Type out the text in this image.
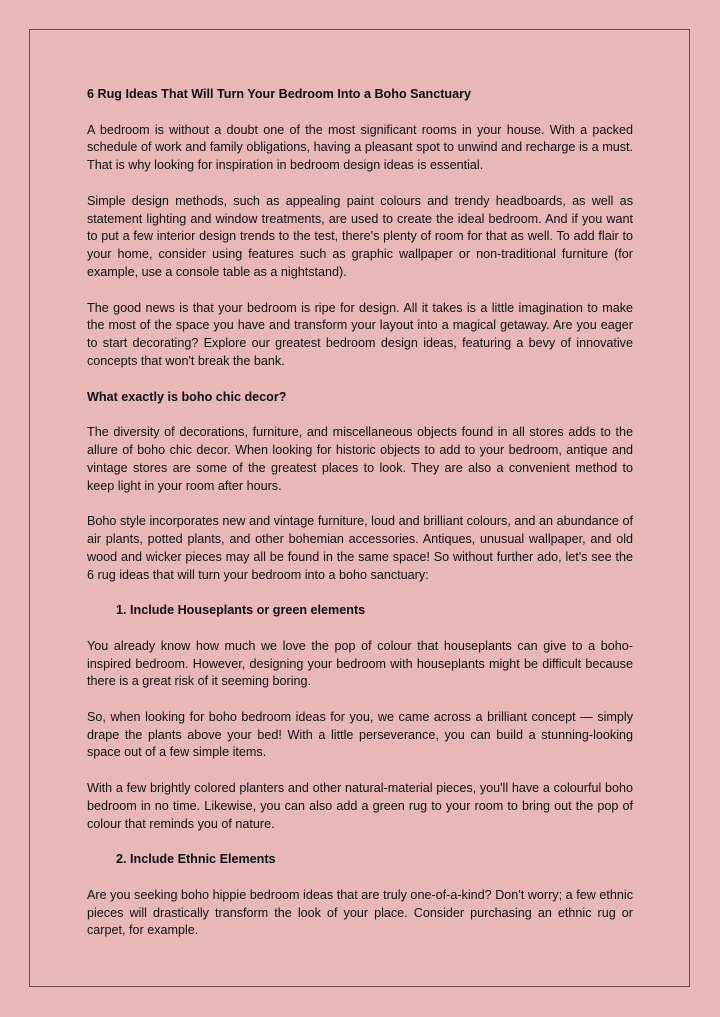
6 Rug Ideas That Will Turn Your Bedroom Into a Boho Sanctuary

A bedroom is without a doubt one of the most significant rooms in your house. With a packed schedule of work and family obligations, having a pleasant spot to unwind and recharge is a must. That is why looking for inspiration in bedroom design ideas is essential.

Simple design methods, such as appealing paint colours and trendy headboards, as well as statement lighting and window treatments, are used to create the ideal bedroom. And if you want to put a few interior design trends to the test, there's plenty of room for that as well. To add flair to your home, consider using features such as graphic wallpaper or non-traditional furniture (for example, use a console table as a nightstand).

The good news is that your bedroom is ripe for design. All it takes is a little imagination to make the most of the space you have and transform your layout into a magical getaway. Are you eager to start decorating? Explore our greatest bedroom design ideas, featuring a bevy of innovative concepts that won't break the bank.

What exactly is boho chic decor?

The diversity of decorations, furniture, and miscellaneous objects found in all stores adds to the allure of boho chic decor. When looking for historic objects to add to your bedroom, antique and vintage stores are some of the greatest places to look. They are also a convenient method to keep light in your room after hours.

Boho style incorporates new and vintage furniture, loud and brilliant colours, and an abundance of air plants, potted plants, and other bohemian accessories. Antiques, unusual wallpaper, and old wood and wicker pieces may all be found in the same space! So without further ado, let's see the 6 rug ideas that will turn your bedroom into a boho sanctuary:

1. Include Houseplants or green elements

You already know how much we love the pop of colour that houseplants can give to a boho-inspired bedroom. However, designing your bedroom with houseplants might be difficult because there is a great risk of it seeming boring.

So, when looking for boho bedroom ideas for you, we came across a brilliant concept — simply drape the plants above your bed! With a little perseverance, you can build a stunning-looking space out of a few simple items.

With a few brightly colored planters and other natural-material pieces, you'll have a colourful boho bedroom in no time. Likewise, you can also add a green rug to your room to bring out the pop of colour that reminds you of nature.

2. Include Ethnic Elements

Are you seeking boho hippie bedroom ideas that are truly one-of-a-kind? Don't worry; a few ethnic pieces will drastically transform the look of your place. Consider purchasing an ethnic rug or carpet, for example.
